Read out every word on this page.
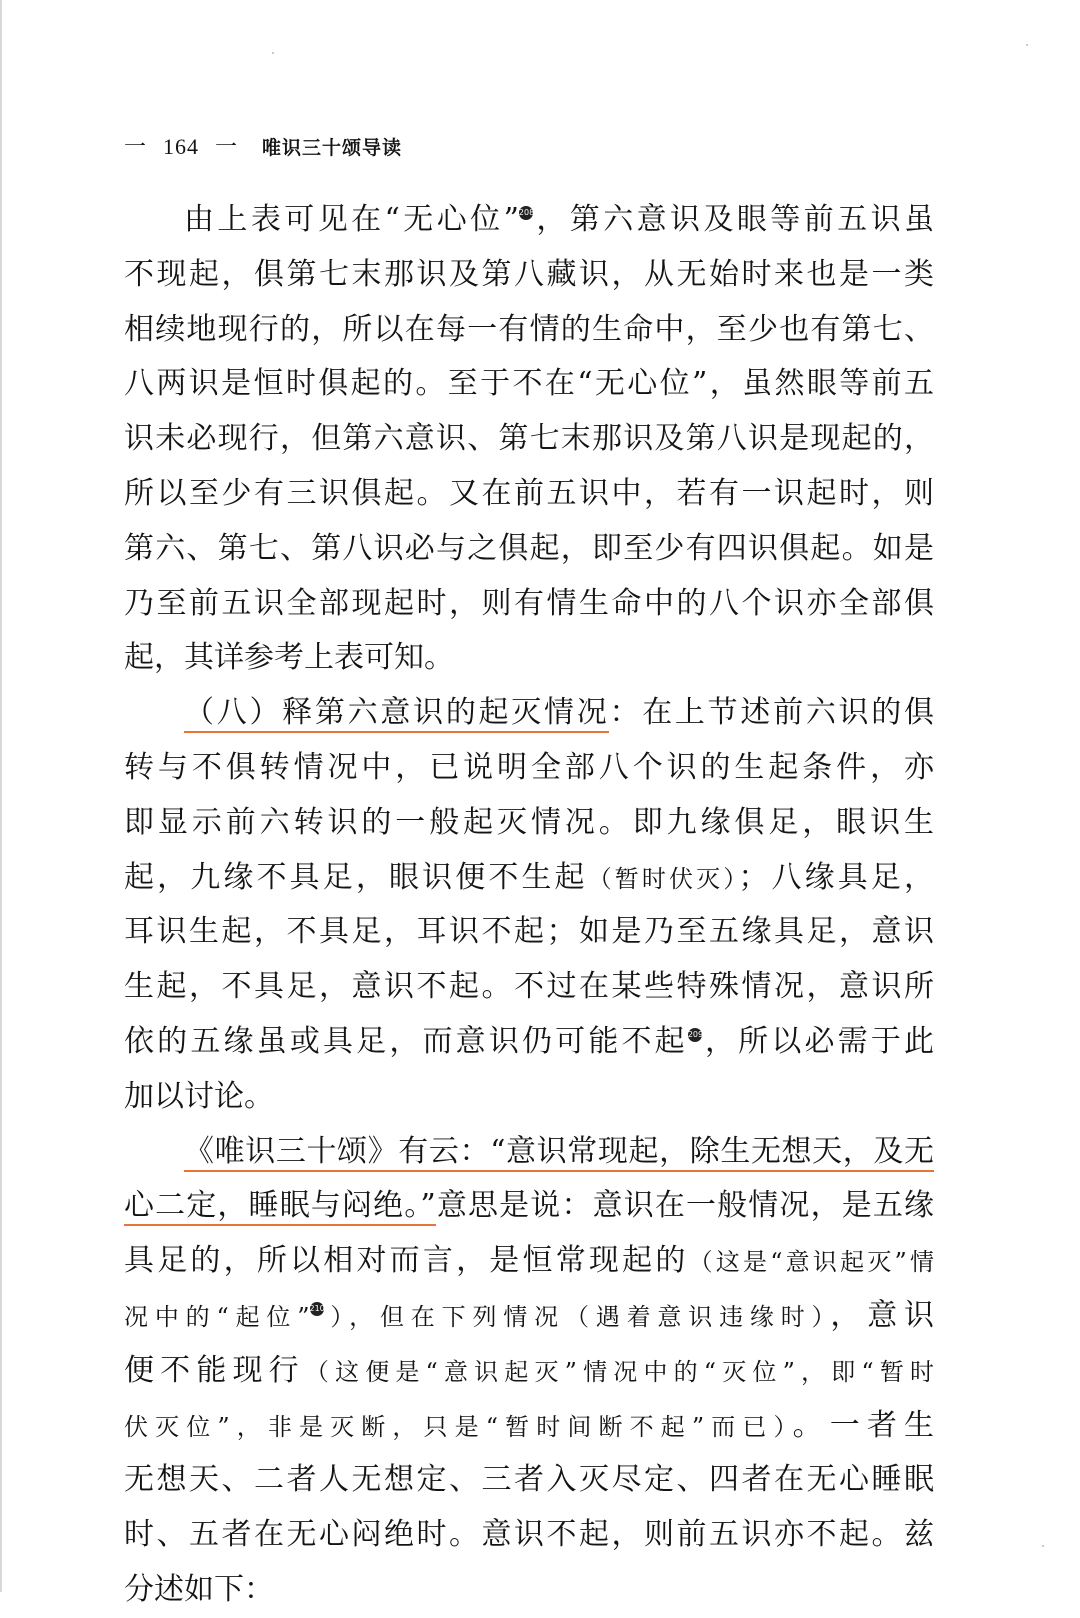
一 164 一 唯识三十颂导读
由上表可见在“无心位”208，第六意识及眼等前五识虽
不现起，俱第七末那识及第八藏识，从无始时来也是一类
相续地现行的，所以在每一有情的生命中，至少也有第七、
八两识是恒时俱起的。至于不在“无心位”，虽然眼等前五
识未必现行，但第六意识、第七末那识及第八识是现起的，
所以至少有三识俱起。又在前五识中，若有一识起时，则
第六、第七、第八识必与之俱起，即至少有四识俱起。如是
乃至前五识全部现起时，则有情生命中的八个识亦全部俱
起，其详参考上表可知。
（八）释第六意识的起灭情况：在上节述前六识的俱
转与不俱转情况中，已说明全部八个识的生起条件，亦
即显示前六转识的一般起灭情况。即九缘俱足，眼识生
起，九缘不具足，眼识便不生起（暂时伏灭）；八缘具足，
耳识生起，不具足，耳识不起；如是乃至五缘具足，意识
生起，不具足，意识不起。不过在某些特殊情况，意识所
依的五缘虽或具足，而意识仍可能不起209，所以必需于此
加以讨论。
《唯识三十颂》有云：“意识常现起，除生无想天，及无
心二定，睡眠与闷绝。”意思是说：意识在一般情况，是五缘
具足的，所以相对而言，是恒常现起的（这是“意识起灭”情
况中的“起位”210），但在下列情况（遇着意识违缘时），意识
便不能现行（这便是“意识起灭”情况中的“灭位”，即“暂时
伏灭位”，非是灭断，只是“暂时间断不起”而已）。一者生
无想天、二者人无想定、三者入灭尽定、四者在无心睡眠
时、五者在无心闷绝时。意识不起，则前五识亦不起。兹
分述如下：
